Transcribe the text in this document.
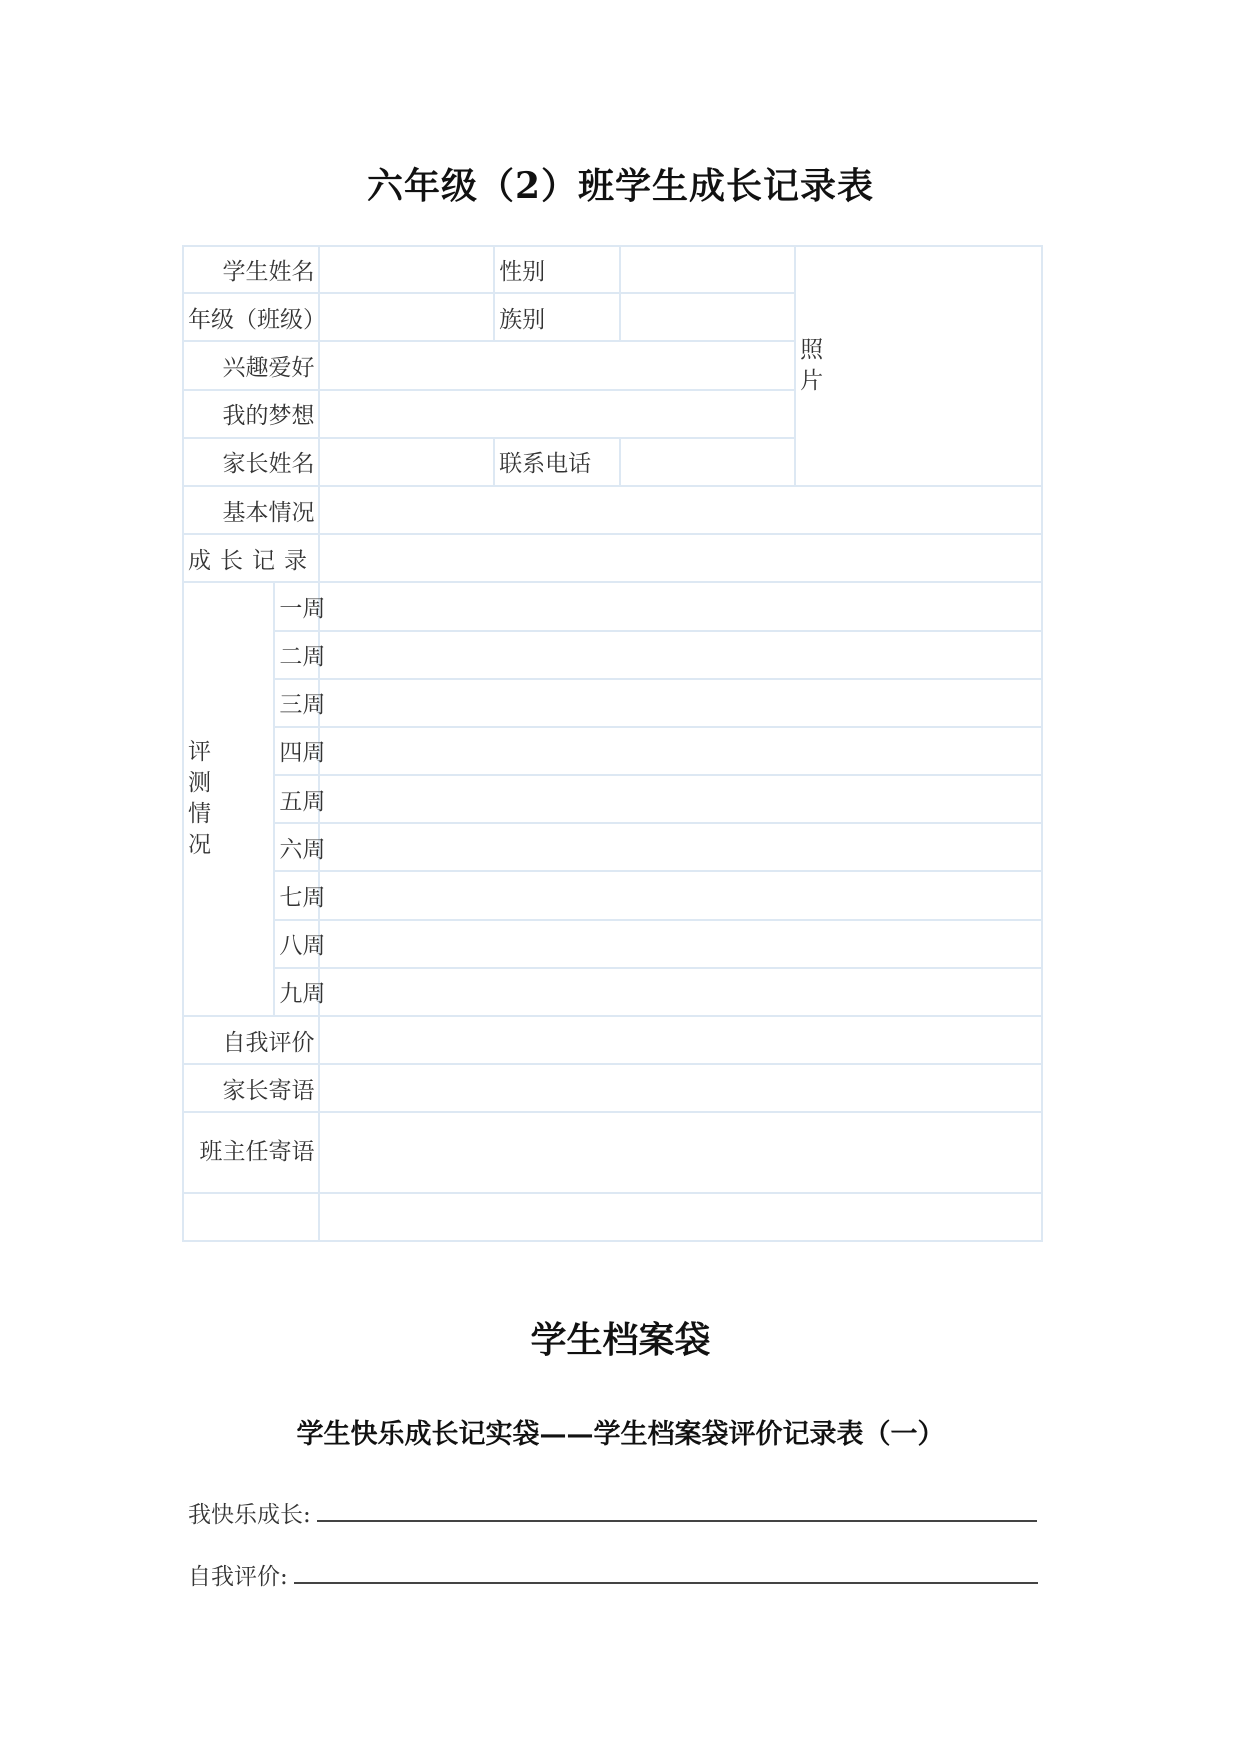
六年级（2）班学生成长记录表
学生姓名			性别		照片
年级（班级）			族别		
兴趣爱好					
我的梦想					
家长姓名			联系电话		
基本情况					
成长记录					
评测情况	一周				
	二周				
	三周				
	四周				
	五周				
	六周				
	七周				
	八周				
	九周				
自我评价					
家长寄语					
班主任寄语					

学生档案袋
学生快乐成长记实袋——学生档案袋评价记录表（一）
我快乐成长:
自我评价:
